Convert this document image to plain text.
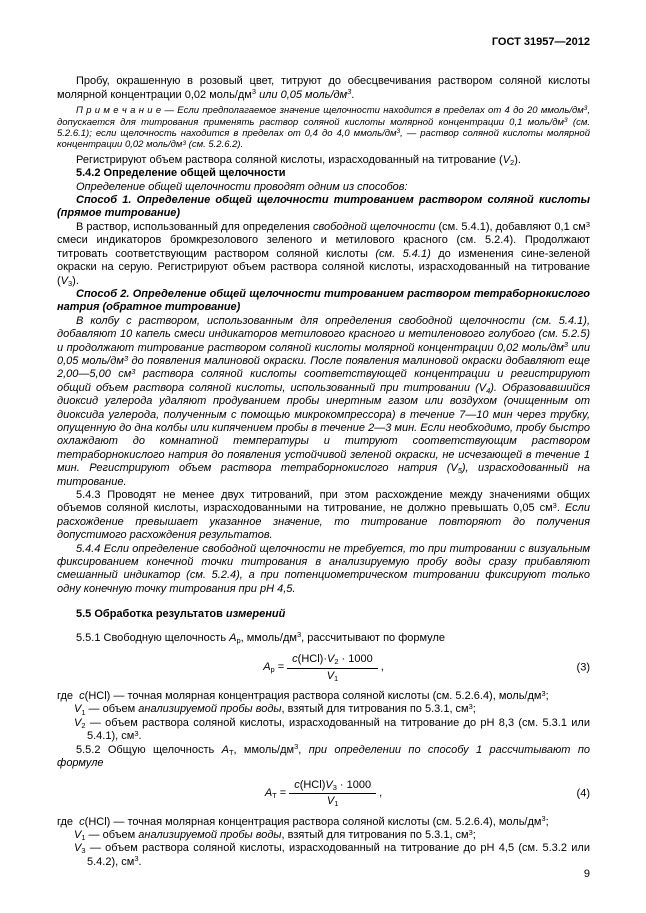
ГОСТ 31957—2012

Пробу, окрашенную в розовый цвет, титруют до обесцвечивания раствором соляной кислоты молярной концентрации 0,02 моль/$дм^3$ или 0,05 моль/$дм^3$.

П р и м е ч а н и е — Если предполагаемое значение щелочности находится в пределах от 4 до 20 ммоль/$дм^3$, допускается для титрования применять раствор соляной кислоты молярной концентрации 0,1 моль/$дм^3$ (см. 5.2.6.1); если щелочность находится в пределах от 0,4 до 4,0 ммоль/$дм^3$, — раствор соляной кислоты молярной концентрации 0,02 моль/$дм^3$ (см. 5.2.6.2).

Регистрируют объем раствора соляной кислоты, израсходованный на титрование $(V_2)$.

5.4.2 Определение общей щелочности

Определение общей щелочности проводят одним из способов:

Способ 1. Определение общей щелочности титрованием раствором соляной кислоты (прямое титрование)

В раствор, использованный для определения свободной щелочности (см. 5.4.1), добавляют 0,1 $см^3$ смеси индикаторов бромкрезолового зеленого и метилового красного (см. 5.2.4). Продолжают титровать соответствующим раствором соляной кислоты (см. 5.4.1) до изменения сине-зеленой окраски на серую. Регистрируют объем раствора соляной кислоты, израсходованный на титрование $(V_3)$.

Способ 2. Определение общей щелочности титрованием раствором тетраборнокислого натрия (обратное титрование)

В колбу с раствором, использованным для определения свободной щелочности (см. 5.4.1), добавляют 10 капель смеси индикаторов метилового красного и метиленового голубого (см. 5.2.5) и продолжают титрование раствором соляной кислоты молярной концентрации 0,02 моль/$дм^3$ или 0,05 моль/$дм^3$ до появления малиновой окраски. После появления малиновой окраски добавляют еще 2,00—5,00 $см^3$ раствора соляной кислоты соответствующей концентрации и регистрируют общий объем раствора соляной кислоты, использованный при титровании $(V_4)$. Образовавшийся диоксид углерода удаляют продуванием пробы инертным газом или воздухом (очищенным от диоксида углерода, полученным с помощью микрокомпрессора) в течение 7—10 мин через трубку, опущенную до дна колбы или кипячением пробы в течение 2—3 мин. Если необходимо, пробу быстро охлаждают до комнатной температуры и титруют соответствующим раствором тетраборнокислого натрия до появления устойчивой зеленой окраски, не исчезающей в течение 1 мин. Регистрируют объем раствора тетраборнокислого натрия $(V_5)$, израсходованный на титрование.

5.4.3 Проводят не менее двух титрований, при этом расхождение между значениями общих объемов соляной кислоты, израсходованными на титрование, не должно превышать 0,05 $см^3$. Если расхождение превышает указанное значение, то титрование повторяют до получения допустимого расхождения результатов.

5.4.4 Если определение свободной щелочности не требуется, то при титровании с визуальным фиксированием конечной точки титрования в анализируемую пробу воды сразу прибавляют смешанный индикатор (см. 5.2.4), а при потенциометрическом титровании фиксируют только одну конечную точку титрования при рН 4,5.

5.5 Обработка результатов измерений

5.5.1 Свободную щелочность $А_р$, ммоль/$дм^3$, рассчитывают по формуле

$А_р = \frac{c(HCl)\cdot V_2 \cdot 1000}{V_1}$ ,	(3)

где  c(HCl) — точная молярная концентрация раствора соляной кислоты (см. 5.2.6.4), моль/$дм^3$;

$V_1$ — объем анализируемой пробы воды, взятый для титрования по 5.3.1, $см^3$;

$V_2$ — объем раствора соляной кислоты, израсходованный на титрование до рН 8,3 (см. 5.3.1 или 5.4.1), $см^3$.

5.5.2 Общую щелочность $А_Т$, ммоль/$дм^3$, при определении по способу 1 рассчитывают по формуле

$А_Т = \frac{c(HCl)V_3 \cdot 1000}{V_1}$ ,	(4)

где  c(HCl) — точная молярная концентрация раствора соляной кислоты (см. 5.2.6.4), моль/$дм^3$;

$V_1$ — объем анализируемой пробы воды, взятый для титрования по 5.3.1, $см^3$;

$V_3$ — объем раствора соляной кислоты, израсходованный на титрование до рН 4,5 (см. 5.3.2 или 5.4.2), $см^3$.

9
